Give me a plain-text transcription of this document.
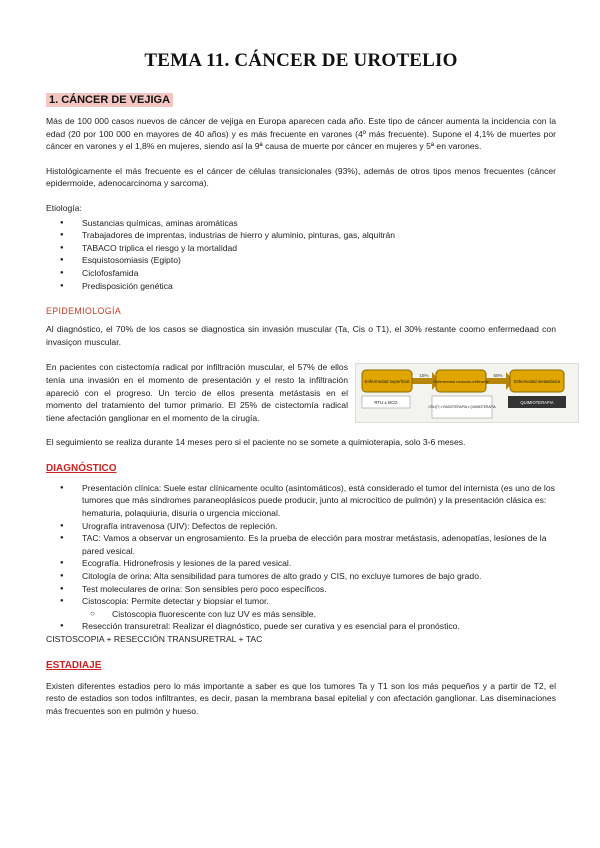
TEMA 11. CÁNCER DE UROTELIO
1. CÁNCER DE VEJIGA

Más de 100 000 casos nuevos de cáncer de vejiga en Europa aparecen cada año. Este tipo de cáncer aumenta la incidencia con la edad (20 por 100 000 en mayores de 40 años) y es más frecuente en varones (4º más frecuente). Supone el 4,1% de muertes por cáncer en varones y el 1,8% en mujeres, siendo así la 9ª causa de muerte por cáncer en mujeres y 5ª en varones.

Histológicamente el más frecuente es el cáncer de células transicionales (93%), además de otros tipos menos frecuentes (cáncer epidermoide, adenocarcinoma y sarcoma).

Etiología:

● Sustancias químicas, aminas aromáticas
● Trabajadores de imprentas, industrias de hierro y aluminio, pinturas, gas, alquitrán
● TABACO triplica el riesgo y la mortalidad
● Esquistosomiasis (Egipto)
● Ciclofosfamida
● Predisposición genética
EPIDEMIOLOGÍA

Al diagnóstico, el 70% de los casos se diagnostica sin invasión muscular (Ta, Cis o T1), el 30% restante coomo enfermedaad con invasiçon muscular.

En pacientes con cistectomía radical por infiltración muscular, el 57% de ellos tenía una invasión en el momento de presentación y el resto la infiltración apareció con el progreso. Un tercio de ellos presenta metástasis en el momento del tratamiento del tumor primario. El 25% de cistectomía radical tiene afectación ganglionar en el momento de la cirugía.

Enfermedad superficial	Enfermedad músculo-infiltrante	Enfermedad metastásica
15%	50%
RTU ± BCG
CR±QT; ± RADIOTERAPIA ± QUIMIOTERAPIA
QUIMIOTERAPIA

El seguimiento se realiza durante 14 meses pero si el paciente no se somete a quimioterapia, solo 3-6 meses.

DIAGNÓSTICO
● Presentación clínica: Suele estar clínicamente oculto (asintomáticos), está considerado el tumor del internista (es uno de los tumores que más síndromes paraneoplásicos puede producir, junto al microcítico de pulmón) y la presentación clásica es: hematuria, polaquiuria, disuria o urgencia miccional.
● Urografía intravenosa (UIV): Defectos de repleción.
● TAC: Vamos a observar un engrosamiento. Es la prueba de elección para mostrar metástasis, adenopatías, lesiones de la pared vesical.
● Ecografía. Hidronefrosis y lesiones de la pared vesical.
● Citología de orina: Alta sensibilidad para tumores de alto grado y CIS, no excluye tumores de bajo grado.
● Test moleculares de orina: Son sensibles pero poco específicos.
● Cistoscopia: Permite detectar y biopsiar el tumor.
○ Cistoscopia fluorescente con luz UV es más sensible.
● Resección transuretral: Realizar el diagnóstico, puede ser curativa y es esencial para el pronóstico.

CISTOSCOPIA + RESECCIÓN TRANSURETRAL + TAC

ESTADIAJE

Existen diferentes estadios pero lo más importante a saber es que los tumores Ta y T1 son los más pequeños y a partir de T2, el resto de estadios son todos infiltrantes, es decir, pasan la membrana basal epitelial y con afectación ganglionar. Las diseminaciones más frecuentes son en pulmón y hueso.
